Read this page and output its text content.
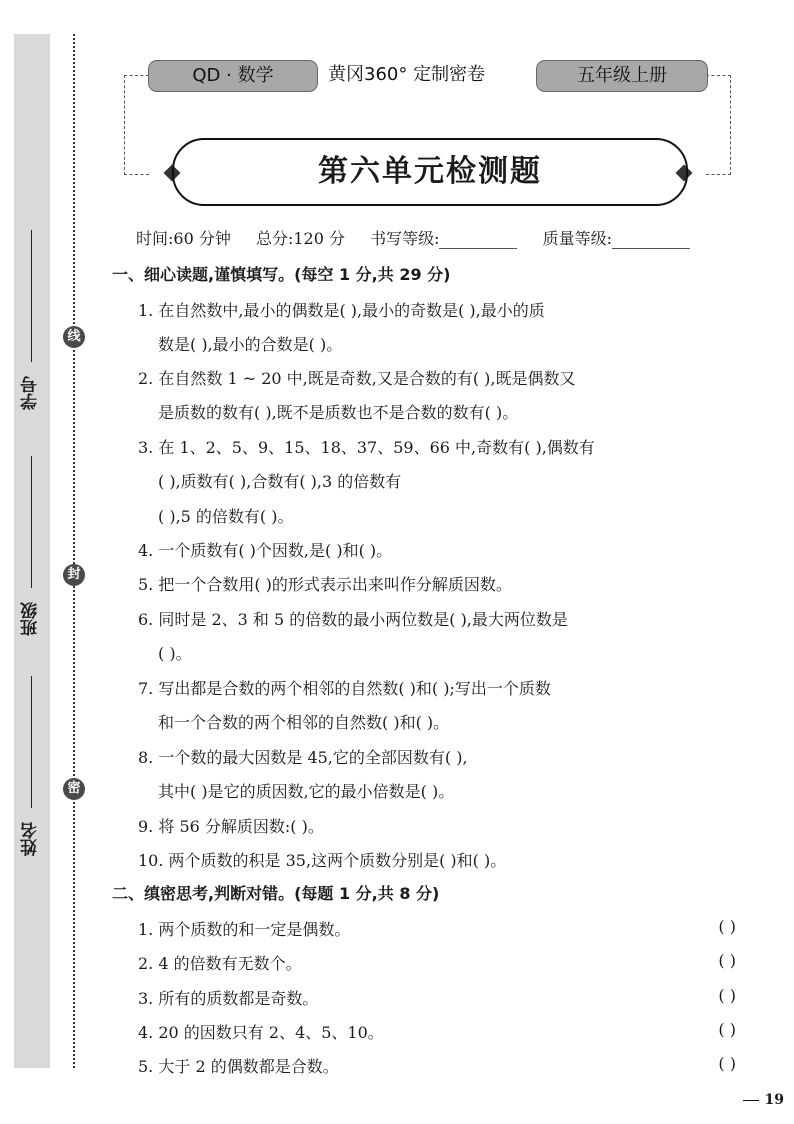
学号
班级
姓名
线
封
密
QD · 数学	黄冈360° 定制密卷	五年级上册
第六单元检测题
时间:60 分钟 总分:120 分 书写等级:	质量等级:
一、细心读题,谨慎填写。(每空 1 分,共 29 分)
1. 在自然数中,最小的偶数是( ),最小的奇数是( ),最小的质
数是( ),最小的合数是( )。
2. 在自然数 1 ~ 20 中,既是奇数,又是合数的有( ),既是偶数又
是质数的数有( ),既不是质数也不是合数的数有( )。
3. 在 1、2、5、9、15、18、37、59、66 中,奇数有( ),偶数有
( ),质数有( ),合数有( ),3 的倍数有
( ),5 的倍数有( )。
4. 一个质数有( )个因数,是( )和( )。
5. 把一个合数用( )的形式表示出来叫作分解质因数。
6. 同时是 2、3 和 5 的倍数的最小两位数是( ),最大两位数是
( )。
7. 写出都是合数的两个相邻的自然数( )和( );写出一个质数
和一个合数的两个相邻的自然数( )和( )。
8. 一个数的最大因数是 45,它的全部因数有( ),
其中( )是它的质因数,它的最小倍数是( )。
9. 将 56 分解质因数:( )。
10. 两个质数的积是 35,这两个质数分别是( )和( )。
二、缜密思考,判断对错。(每题 1 分,共 8 分)
1. 两个质数的和一定是偶数。	( )
2. 4 的倍数有无数个。	( )
3. 所有的质数都是奇数。	( )
4. 20 的因数只有 2、4、5、10。	( )
5. 大于 2 的偶数都是合数。	( )
19
